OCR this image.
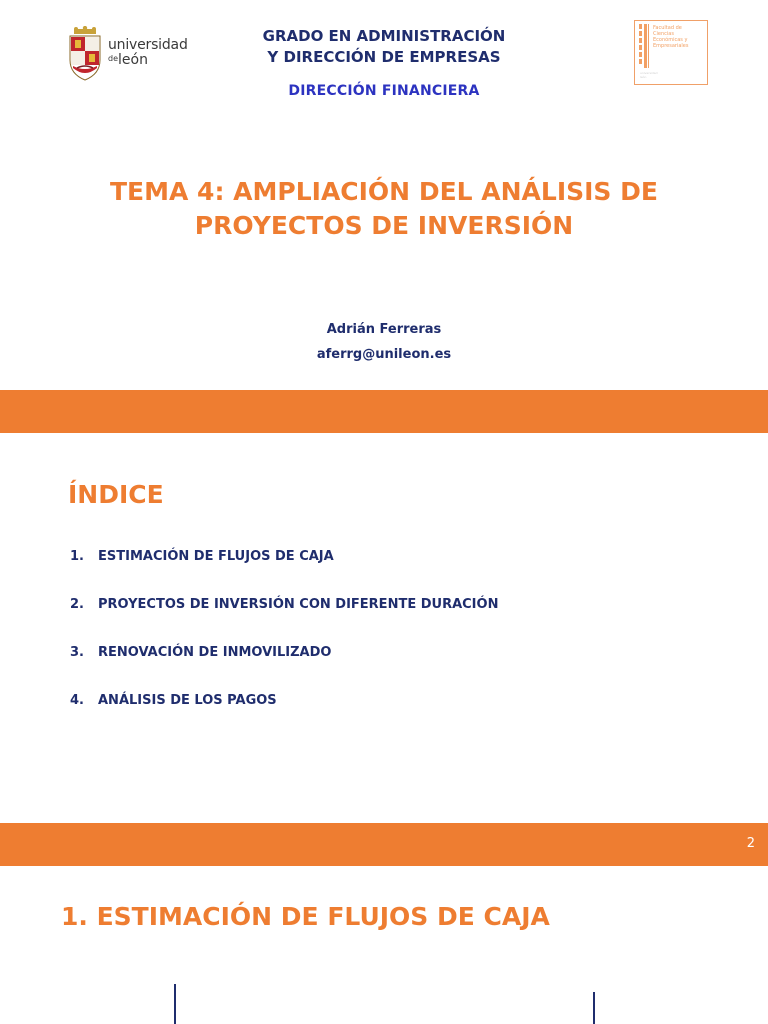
universidad
$^{de}$león
GRADO EN ADMINISTRACIÓN
Y DIRECCIÓN DE EMPRESAS
DIRECCIÓN FINANCIERA
Facultad de
Ciencias
Económicas y
Empresariales
universidad
león
TEMA 4: AMPLIACIÓN DEL ANÁLISIS DE
PROYECTOS DE INVERSIÓN
Adrián Ferreras
aferrg@unileon.es
ÍNDICE
1. ESTIMACIÓN DE FLUJOS DE CAJA
2. PROYECTOS DE INVERSIÓN CON DIFERENTE DURACIÓN
3. RENOVACIÓN DE INMOVILIZADO
4. ANÁLISIS DE LOS PAGOS
2
1. ESTIMACIÓN DE FLUJOS DE CAJA
